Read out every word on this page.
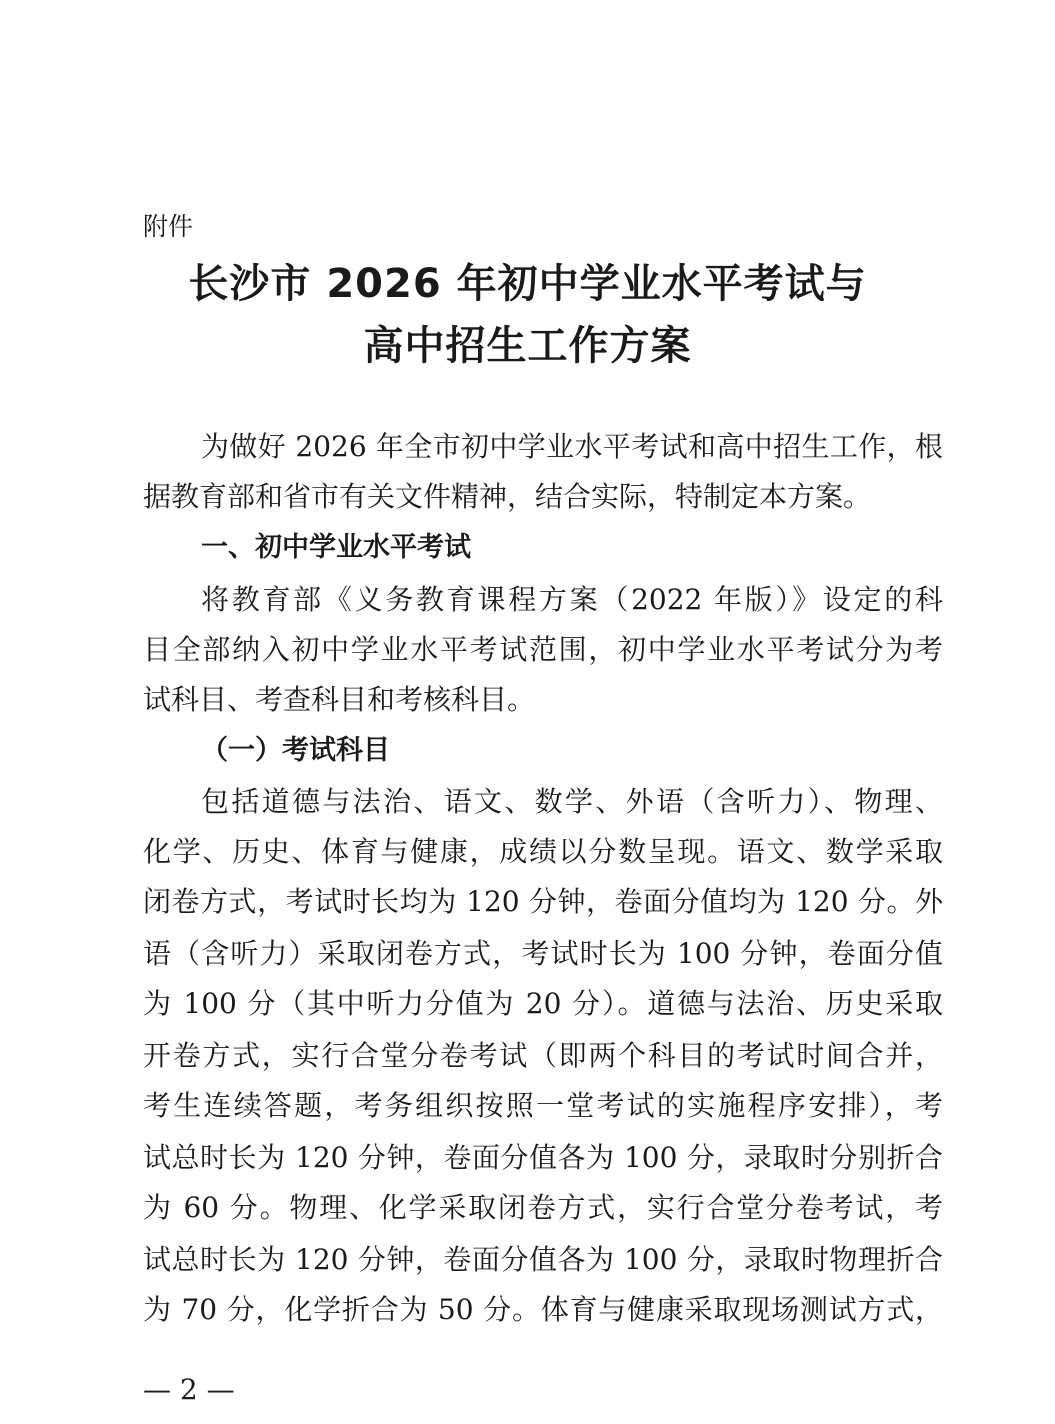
附件
长沙市 2026 年初中学业水平考试与
高中招生工作方案
为做好 2026 年全市初中学业水平考试和高中招生工作，根
据教育部和省市有关文件精神，结合实际，特制定本方案。
一、初中学业水平考试
将教育部《义务教育课程方案（2022 年版）》设定的科
目全部纳入初中学业水平考试范围，初中学业水平考试分为考
试科目、考查科目和考核科目。
（一）考试科目
包括道德与法治、语文、数学、外语（含听力）、物理、
化学、历史、体育与健康，成绩以分数呈现。语文、数学采取
闭卷方式，考试时长均为 120 分钟，卷面分值均为 120 分。外
语（含听力）采取闭卷方式，考试时长为 100 分钟，卷面分值
为 100 分（其中听力分值为 20 分）。道德与法治、历史采取
开卷方式，实行合堂分卷考试（即两个科目的考试时间合并，
考生连续答题，考务组织按照一堂考试的实施程序安排），考
试总时长为 120 分钟，卷面分值各为 100 分，录取时分别折合
为 60 分。物理、化学采取闭卷方式，实行合堂分卷考试，考
试总时长为 120 分钟，卷面分值各为 100 分，录取时物理折合
为 70 分，化学折合为 50 分。体育与健康采取现场测试方式，
— 2 —
